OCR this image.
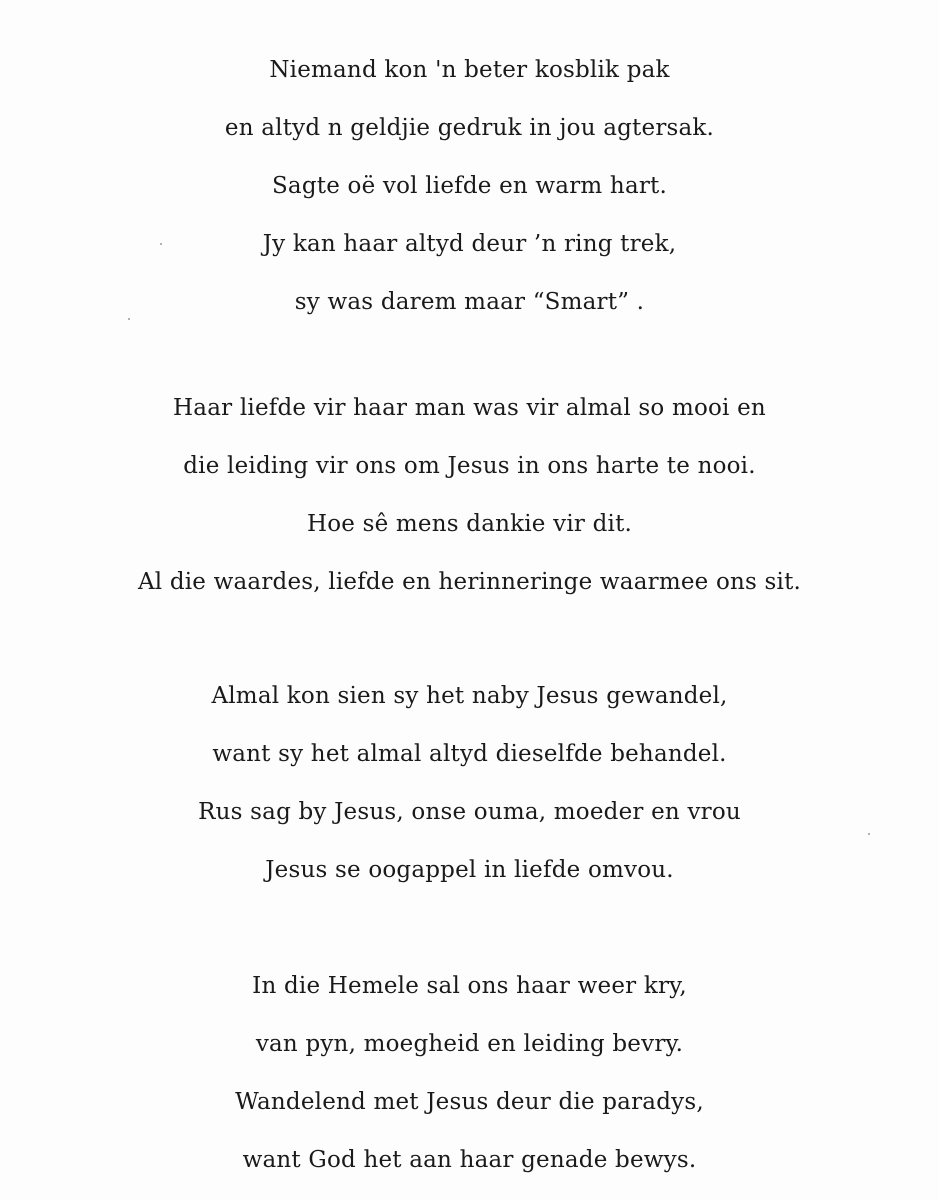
Niemand kon 'n beter kosblik pak
en altyd n geldjie gedruk in jou agtersak.
Sagte oë vol liefde en warm hart.
Jy kan haar altyd deur ’n ring trek,
sy was darem maar “Smart” .
Haar liefde vir haar man was vir almal so mooi en
die leiding vir ons om Jesus in ons harte te nooi.
Hoe sê mens dankie vir dit.
Al die waardes, liefde en herinneringe waarmee ons sit.
Almal kon sien sy het naby Jesus gewandel,
want sy het almal altyd dieselfde behandel.
Rus sag by Jesus, onse ouma, moeder en vrou
Jesus se oogappel in liefde omvou.
In die Hemele sal ons haar weer kry,
van pyn, moegheid en leiding bevry.
Wandelend met Jesus deur die paradys,
want God het aan haar genade bewys.
